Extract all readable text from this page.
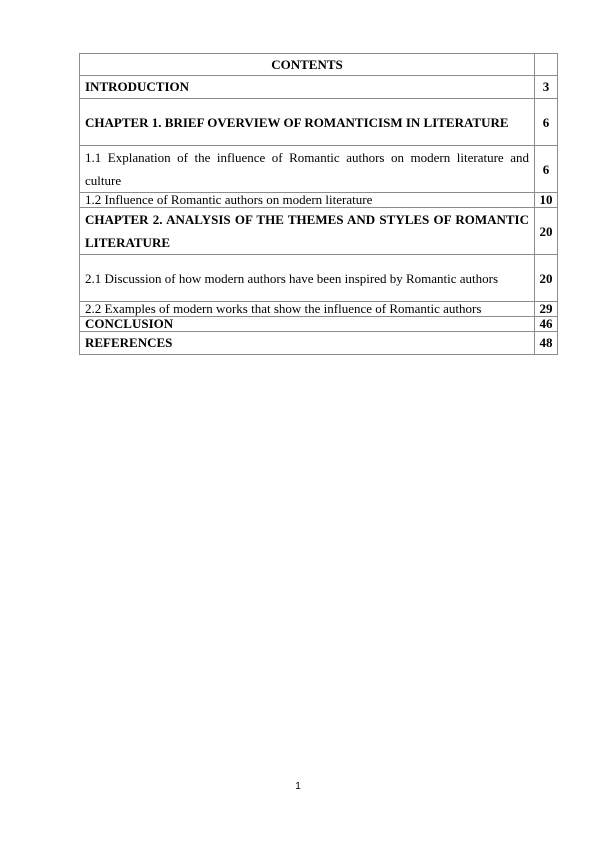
CONTENTS	
INTRODUCTION	3
CHAPTER 1. BRIEF OVERVIEW OF ROMANTICISM IN LITERATURE	6
1.1 Explanation of the influence of Romantic authors on modern literature and culture	6
1.2 Influence of Romantic authors on modern literature	10
CHAPTER 2. ANALYSIS OF THE THEMES AND STYLES OF ROMANTIC LITERATURE	20
2.1 Discussion of how modern authors have been inspired by Romantic authors	20
2.2 Examples of modern works that show the influence of Romantic authors	29
CONCLUSION	46
REFERENCES	48
1
